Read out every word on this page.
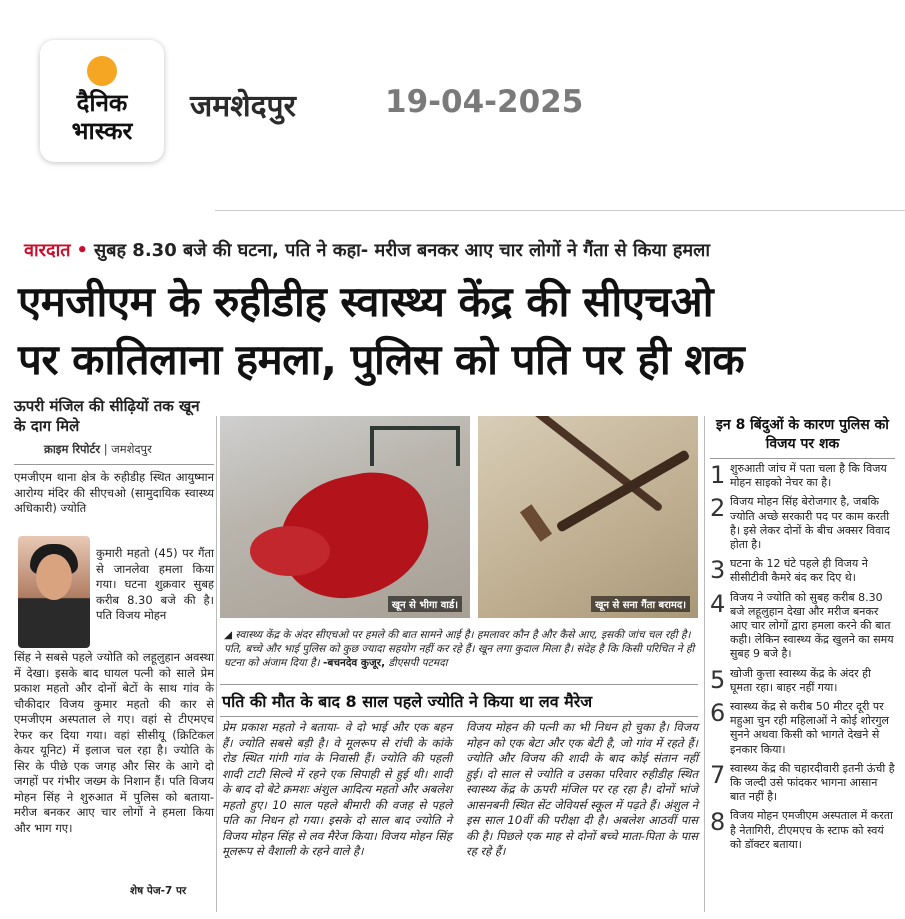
दैनिक
भास्कर
जमशेदपुर	19-04-2025
वारदात • सुबह 8.30 बजे की घटना, पति ने कहा- मरीज बनकर आए चार लोगों ने गैंता से किया हमला
एमजीएम के रुहीडीह स्वास्थ्य केंद्र की सीएचओ
पर कातिलाना हमला, पुलिस को पति पर ही शक
ऊपरी मंजिल की सीढ़ियों तक खून के दाग मिले
क्राइम रिपोर्टर | जमशेदपुर
एमजीएम थाना क्षेत्र के रुहीडीह स्थित आयुष्मान आरोग्य मंदिर की सीएचओ (सामुदायिक स्वास्थ्य अधिकारी) ज्योति
कुमारी महतो (45) पर गैंता से जानलेवा हमला किया गया। घटना शुक्रवार सुबह करीब 8.30 बजे की है। पति विजय मोहन
सिंह ने सबसे पहले ज्योति को लहूलुहान अवस्था में देखा। इसके बाद घायल पत्नी को साले प्रेम प्रकाश महतो और दोनों बेटों के साथ गांव के चौकीदार विजय कुमार महतो की कार से एमजीएम अस्पताल ले गए। वहां से टीएमएच रेफर कर दिया गया। वहां सीसीयू (क्रिटिकल केयर यूनिट) में इलाज चल रहा है। ज्योति के सिर के पीछे एक जगह और सिर के आगे दो जगहों पर गंभीर जख्म के निशान हैं। पति विजय मोहन सिंह ने शुरुआत में पुलिस को बताया- मरीज बनकर आए चार लोगों ने हमला किया और भाग गए।
शेष पेज-7 पर
खून से भीगा वार्ड।	खून से सना गैंता बरामद।
◢ स्वास्थ्य केंद्र के अंदर सीएचओ पर हमले की बात सामने आई है। हमलावर कौन है और कैसे आए, इसकी जांच चल रही है। पति, बच्चे और भाई पुलिस को कुछ ज्यादा सहयोग नहीं कर रहे हैं। खून लगा कुदाल मिला है। संदेह है कि किसी परिचित ने ही घटना को अंजाम दिया है। -बचनदेव कुजूर, डीएसपी पटमदा
पति की मौत के बाद 8 साल पहले ज्योति ने किया था लव मैरेज
प्रेम प्रकाश महतो ने बताया- वे दो भाई और एक बहन हैं। ज्योति सबसे बड़ी है। वे मूलरूप से रांची के कांके रोड स्थित गांगी गांव के निवासी हैं। ज्योति की पहली शादी टाटी सिल्वे में रहने एक सिपाही से हुई थी। शादी के बाद दो बेटे क्रमशः अंशुल आदित्य महतो और अबलेश महतो हुए। 10 साल पहले बीमारी की वजह से पहले पति का निधन हो गया। इसके दो साल बाद ज्योति ने विजय मोहन सिंह से लव मैरेज किया। विजय मोहन सिंह मूलरूप से वैशाली के रहने वाले है।
विजय मोहन की पत्नी का भी निधन हो चुका है। विजय मोहन को एक बेटा और एक बेटी है, जो गांव में रहते हैं। ज्योति और विजय की शादी के बाद कोई संतान नहीं हुई। दो साल से ज्योति व उसका परिवार रुहीडीह स्थित स्वास्थ्य केंद्र के ऊपरी मंजिल पर रह रहा है। दोनों भांजे आसनबनी स्थित सेंट जेवियर्स स्कूल में पढ़ते हैं। अंशुल ने इस साल 10वीं की परीक्षा दी है। अबलेश आठवीं पास की है। पिछले एक माह से दोनों बच्चे माता-पिता के पास रह रहे हैं।
इन 8 बिंदुओं के कारण पुलिस को विजय पर शक
1 शुरुआती जांच में पता चला है कि विजय मोहन साइको नेचर का है।
2 विजय मोहन सिंह बेरोजगार है, जबकि ज्योति अच्छे सरकारी पद पर काम करती है। इसे लेकर दोनों के बीच अक्सर विवाद होता है।
3 घटना के 12 घंटे पहले ही विजय ने सीसीटीवी कैमरे बंद कर दिए थे।
4 विजय ने ज्योति को सुबह करीब 8.30 बजे लहूलुहान देखा और मरीज बनकर आए चार लोगों द्वारा हमला करने की बात कही। लेकिन स्वास्थ्य केंद्र खुलने का समय सुबह 9 बजे है।
5 खोजी कुत्ता स्वास्थ्य केंद्र के अंदर ही घूमता रहा। बाहर नहीं गया।
6 स्वास्थ्य केंद्र से करीब 50 मीटर दूरी पर महुआ चुन रही महिलाओं ने कोई शोरगुल सुनने अथवा किसी को भागते देखने से इनकार किया।
7 स्वास्थ्य केंद्र की चहारदीवारी इतनी ऊंची है कि जल्दी उसे फांदकर भागना आसान बात नहीं है।
8 विजय मोहन एमजीएम अस्पताल में करता है नेतागिरी, टीएमएच के स्टाफ को स्वयं को डॉक्टर बताया।
